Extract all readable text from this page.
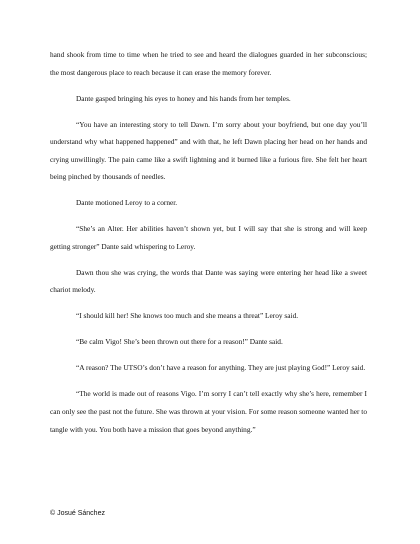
hand shook from time to time when he tried to see and heard the dialogues guarded in her subconscious; the most dangerous place to reach because it can erase the memory forever.

Dante gasped bringing his eyes to honey and his hands from her temples.

“You have an interesting story to tell Dawn. I’m sorry about your boyfriend, but one day you’ll understand why what happened happened” and with that, he left Dawn placing her head on her hands and crying unwillingly. The pain came like a swift lightning and it burned like a furious fire. She felt her heart being pinched by thousands of needles.

Dante motioned Leroy to a corner.

“She’s an Alter. Her abilities haven’t shown yet, but I will say that she is strong and will keep getting stronger” Dante said whispering to Leroy.

Dawn thou she was crying, the words that Dante was saying were entering her head like a sweet chariot melody.

“I should kill her! She knows too much and she means a threat” Leroy said.

“Be calm Vigo! She’s been thrown out there for a reason!” Dante said.

“A reason? The UTSO’s don’t have a reason for anything. They are just playing God!” Leroy said.

“The world is made out of reasons Vigo. I’m sorry I can’t tell exactly why she’s here, remember I can only see the past not the future. She was thrown at your vision. For some reason someone wanted her to tangle with you. You both have a mission that goes beyond anything.”

© Josué Sánchez
